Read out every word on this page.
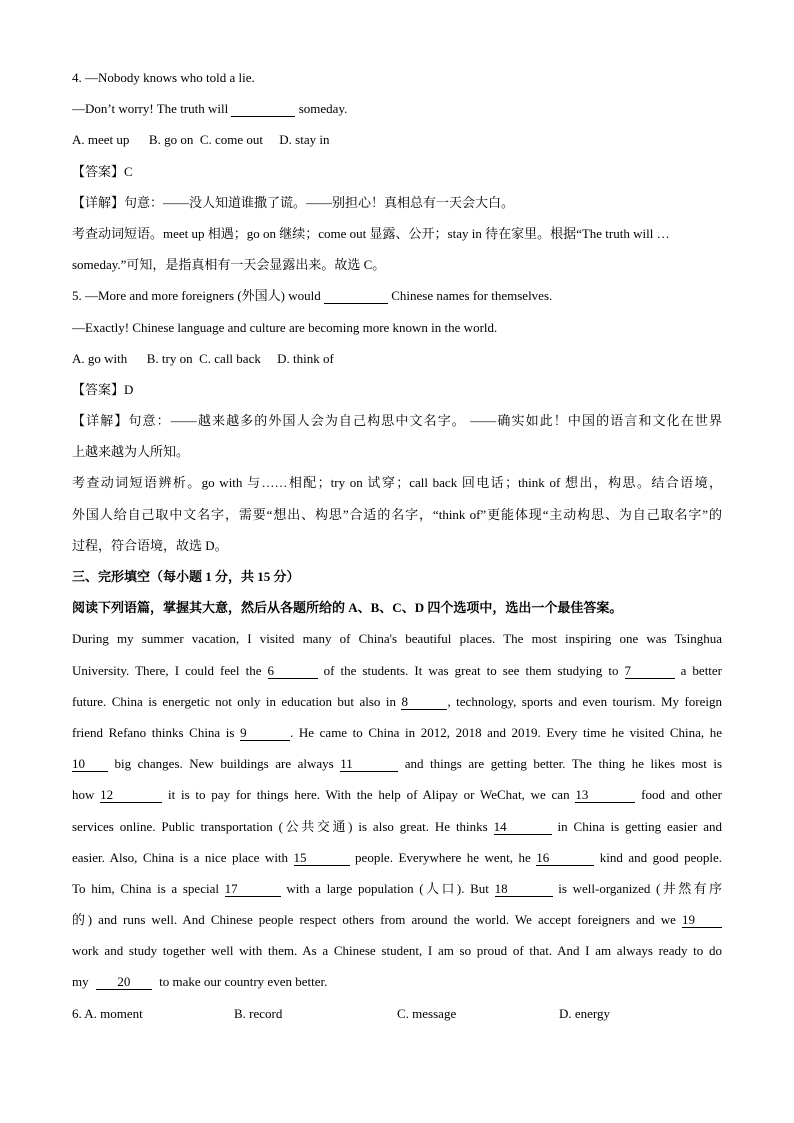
4. —Nobody knows who told a lie.
—Don’t worry! The truth will	someday.
A. meet up      B. go on  C. come out     D. stay in
【答案】C
【详解】句意：——没人知道谁撒了谎。——别担心！真相总有一天会大白。
考查动词短语。meet up 相遇；go on 继续；come out 显露、公开；stay in 待在家里。根据“The truth will …
someday.”可知，是指真相有一天会显露出来。故选 C。
5. —More and more foreigners (外国人) would	Chinese names for themselves.
—Exactly! Chinese language and culture are becoming more known in the world.
A. go with      B. try on  C. call back     D. think of
【答案】D
【详解】句意：——越来越多的外国人会为自己构思中文名字。 ——确实如此！中国的语言和文化在世界
上越来越为人所知。
考查动词短语辨析。go with 与……相配；try on 试穿；call back 回电话；think of 想出，构思。结合语境，
外国人给自己取中文名字，需要“想出、构思”合适的名字，“think of”更能体现“主动构思、为自己取名字”的
过程，符合语境，故选 D。
三、完形填空（每小题 1 分，共 15 分）
阅读下列语篇，掌握其大意，然后从各题所给的 A、B、C、D 四个选项中，选出一个最佳答案。
During my summer vacation, I visited many of China's beautiful places. The most inspiring one was Tsinghua
University. There, I could feel the 6	of the students. It was great to see them studying to 7	a better
future. China is energetic not only in education but also in 8	, technology, sports and even tourism. My foreign
friend Refano thinks China is 9	. He came to China in 2012, 2018 and 2019. Every time he visited China, he
10 big changes. New buildings are always 11	and things are getting better. The thing he likes most is
how 12	it is to pay for things here. With the help of Alipay or WeChat, we can 13	food and other
services online. Public transportation (公共交通) is also great. He thinks 14	in China is getting easier and
easier. Also, China is a nice place with 15	people. Everywhere he went, he 16	kind and good people.
To him, China is a special 17	with a large population (人口). But 18	is well-organized (井然有序
的) and runs well. And Chinese people respect others from around the world. We accept foreigners and we 19
work and study together well with them. As a Chinese student, I am so proud of that. And I am always ready to do
my 20 to make our country even better.
6. A. moment	B. record	C. message	D. energy
